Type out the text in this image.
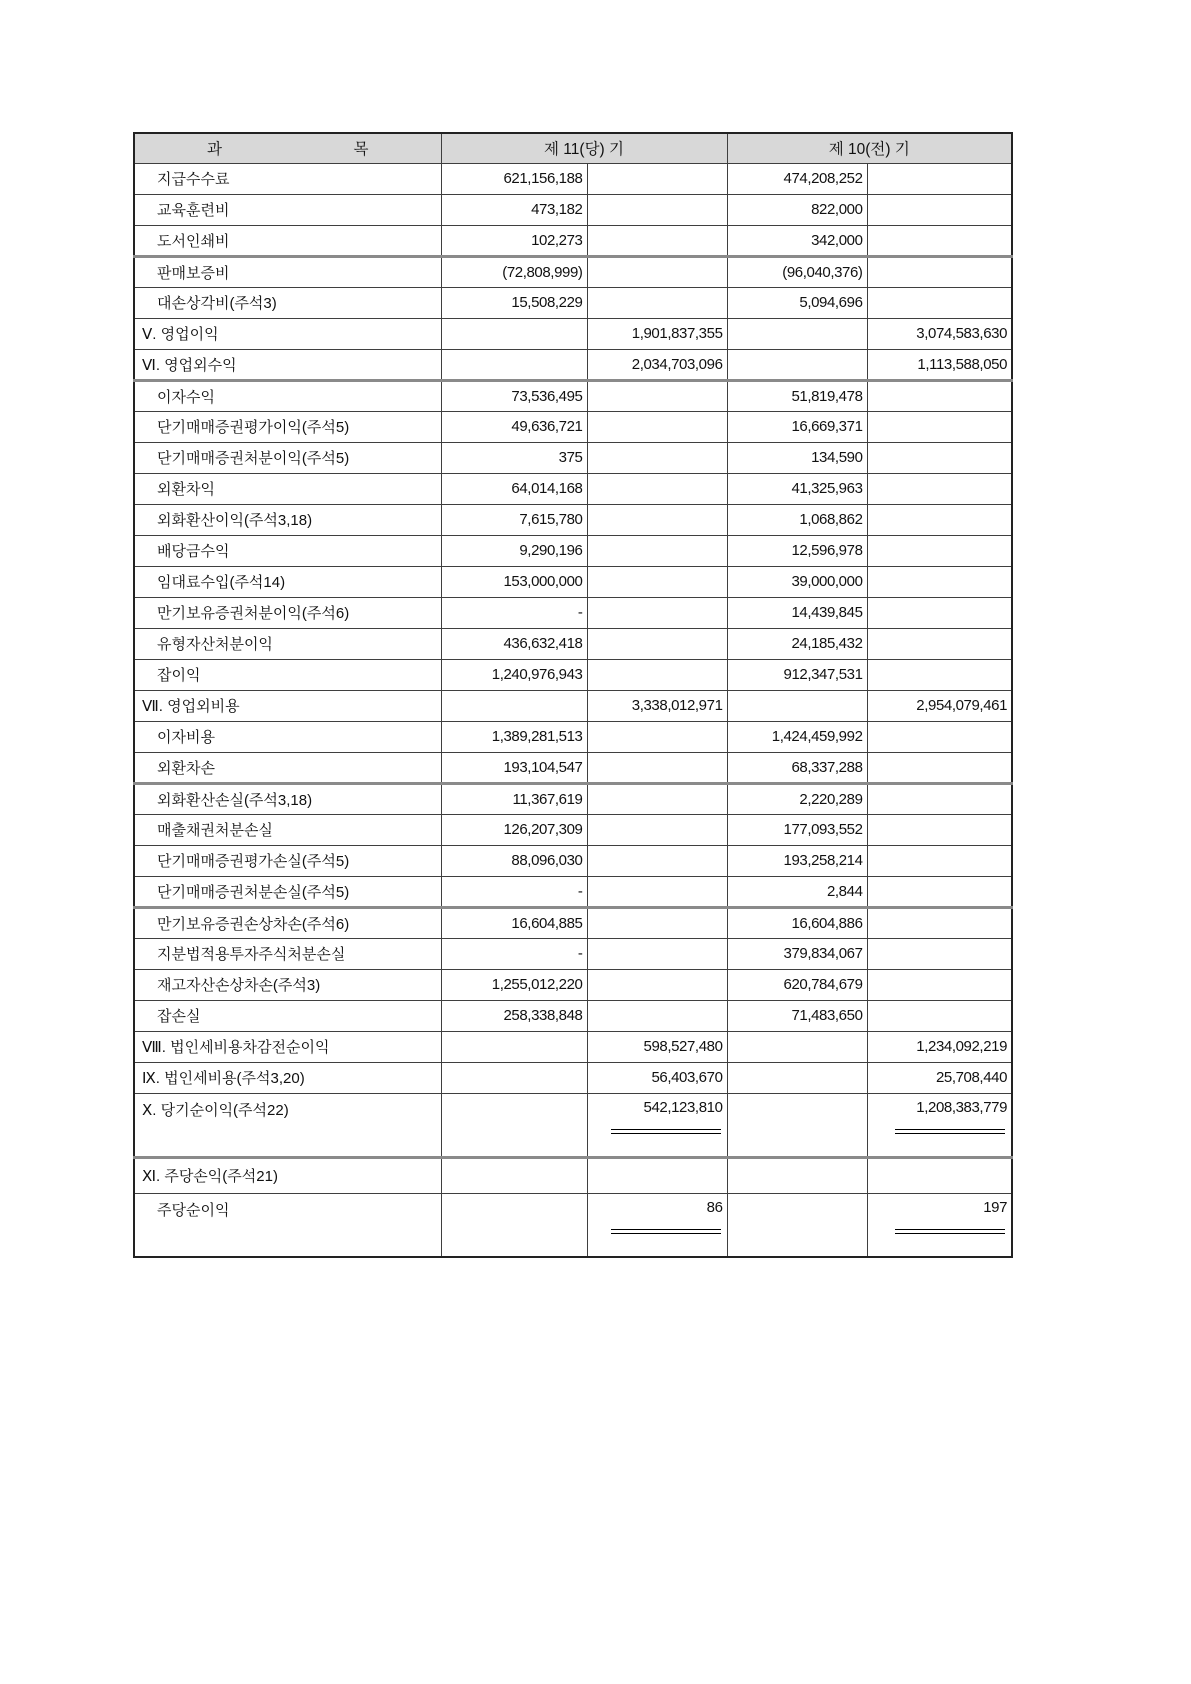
과 목	제 11(당) 기		제 10(전) 기	
지급수수료	621,156,188		474,208,252	
교육훈련비	473,182		822,000	
도서인쇄비	102,273		342,000	
판매보증비	(72,808,999)		(96,040,376)	
대손상각비(주석3)	15,508,229		5,094,696	
Ⅴ. 영업이익		1,901,837,355		3,074,583,630
Ⅵ. 영업외수익		2,034,703,096		1,113,588,050
이자수익	73,536,495		51,819,478	
단기매매증권평가이익(주석5)	49,636,721		16,669,371	
단기매매증권처분이익(주석5)	375		134,590	
외환차익	64,014,168		41,325,963	
외화환산이익(주석3,18)	7,615,780		1,068,862	
배당금수익	9,290,196		12,596,978	
임대료수입(주석14)	153,000,000		39,000,000	
만기보유증권처분이익(주석6)	-		14,439,845	
유형자산처분이익	436,632,418		24,185,432	
잡이익	1,240,976,943		912,347,531	
Ⅶ. 영업외비용		3,338,012,971		2,954,079,461
이자비용	1,389,281,513		1,424,459,992	
외환차손	193,104,547		68,337,288	
외화환산손실(주석3,18)	11,367,619		2,220,289	
매출채권처분손실	126,207,309		177,093,552	
단기매매증권평가손실(주석5)	88,096,030		193,258,214	
단기매매증권처분손실(주석5)	-		2,844	
만기보유증권손상차손(주석6)	16,604,885		16,604,886	
지분법적용투자주식처분손실	-		379,834,067	
재고자산손상차손(주석3)	1,255,012,220		620,784,679	
잡손실	258,338,848		71,483,650	
Ⅷ. 법인세비용차감전순이익		598,527,480		1,234,092,219
Ⅸ. 법인세비용(주석3,20)		56,403,670		25,708,440
Ⅹ. 당기순이익(주석22)		542,123,810		1,208,383,779

Ⅺ. 주당손익(주석21)				
주당순이익		86		197
